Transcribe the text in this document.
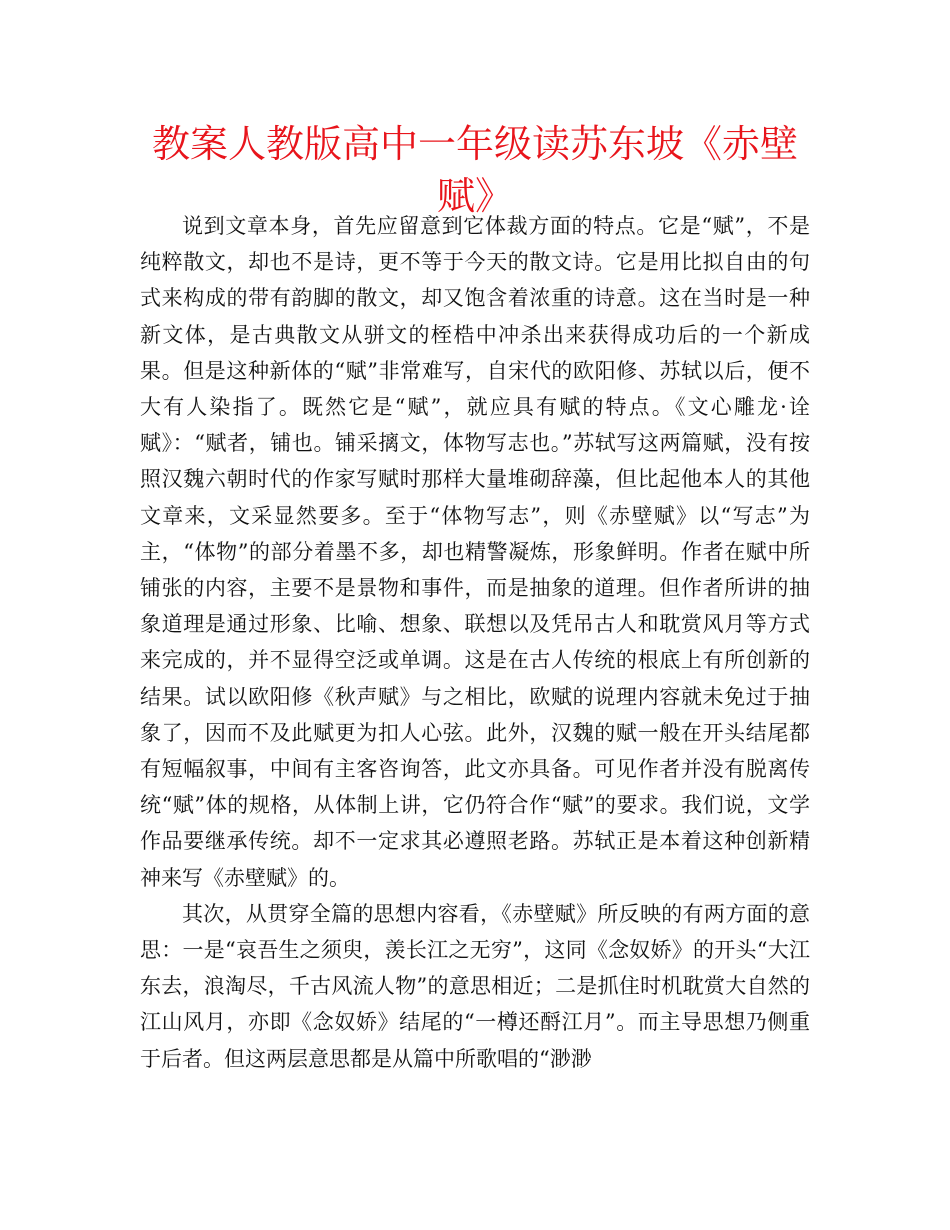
教案人教版高中一年级读苏东坡《赤壁赋》

说到文章本身，首先应留意到它体裁方面的特点。它是“赋”，不是纯粹散文，却也不是诗，更不等于今天的散文诗。它是用比拟自由的句式来构成的带有韵脚的散文，却又饱含着浓重的诗意。这在当时是一种新文体，是古典散文从骈文的桎梏中冲杀出来获得成功后的一个新成果。但是这种新体的“赋”非常难写，自宋代的欧阳修、苏轼以后，便不大有人染指了。既然它是“赋”，就应具有赋的特点。《文心雕龙·诠赋》：“赋者，铺也。铺采摛文，体物写志也。”苏轼写这两篇赋，没有按照汉魏六朝时代的作家写赋时那样大量堆砌辞藻，但比起他本人的其他文章来，文采显然要多。至于“体物写志”，则《赤壁赋》以“写志”为主，“体物”的部分着墨不多，却也精警凝炼，形象鲜明。作者在赋中所铺张的内容，主要不是景物和事件，而是抽象的道理。但作者所讲的抽象道理是通过形象、比喻、想象、联想以及凭吊古人和耽赏风月等方式来完成的，并不显得空泛或单调。这是在古人传统的根底上有所创新的结果。试以欧阳修《秋声赋》与之相比，欧赋的说理内容就未免过于抽象了，因而不及此赋更为扣人心弦。此外，汉魏的赋一般在开头结尾都有短幅叙事，中间有主客咨询答，此文亦具备。可见作者并没有脱离传统“赋”体的规格，从体制上讲，它仍符合作“赋”的要求。我们说，文学作品要继承传统。却不一定求其必遵照老路。苏轼正是本着这种创新精神来写《赤壁赋》的。

其次，从贯穿全篇的思想内容看，《赤壁赋》所反映的有两方面的意思：一是“哀吾生之须臾，羡长江之无穷”，这同《念奴娇》的开头“大江东去，浪淘尽，千古风流人物”的意思相近；二是抓住时机耽赏大自然的江山风月，亦即《念奴娇》结尾的“一樽还酹江月”。而主导思想乃侧重于后者。但这两层意思都是从篇中所歌唱的“渺渺
